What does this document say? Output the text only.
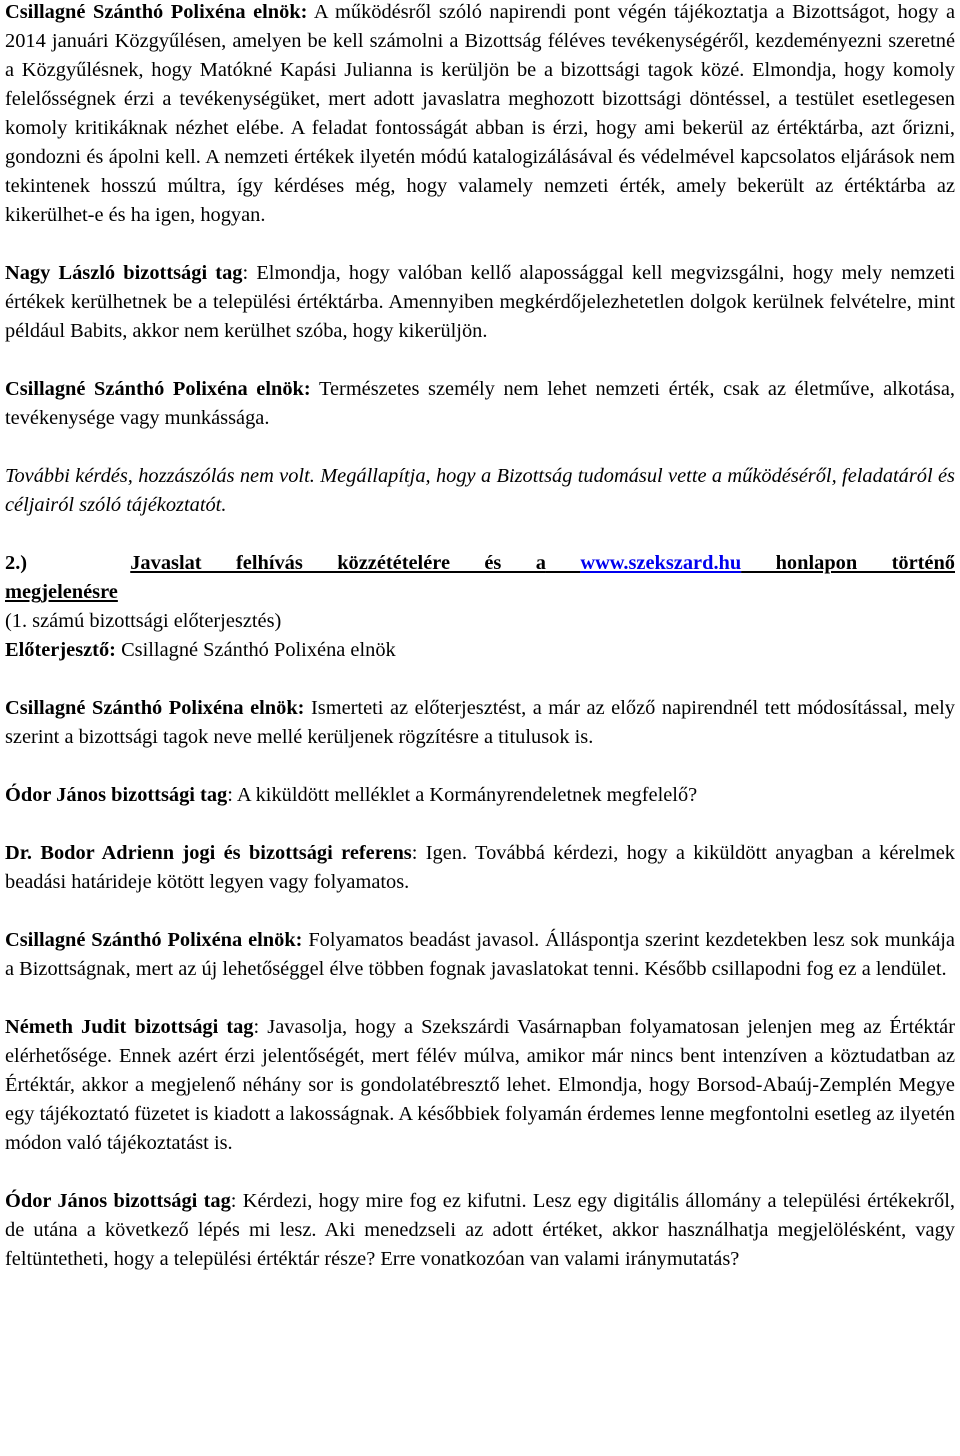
Csillagné Szánthó Polixéna elnök: A működésről szóló napirendi pont végén tájékoztatja a Bizottságot, hogy a 2014 januári Közgyűlésen, amelyen be kell számolni a Bizottság féléves tevékenységéről, kezdeményezni szeretné a Közgyűlésnek, hogy Matókné Kapási Julianna is kerüljön be a bizottsági tagok közé. Elmondja, hogy komoly felelősségnek érzi a tevékenységüket, mert adott javaslatra meghozott bizottsági döntéssel, a testület esetlegesen komoly kritikáknak nézhet elébe. A feladat fontosságát abban is érzi, hogy ami bekerül az értéktárba, azt őrizni, gondozni és ápolni kell. A nemzeti értékek ilyetén módú katalogizálásával és védelmével kapcsolatos eljárások nem tekintenek hosszú múltra, így kérdéses még, hogy valamely nemzeti érték, amely bekerült az értéktárba az kikerülhet-e és ha igen, hogyan.

Nagy László bizottsági tag: Elmondja, hogy valóban kellő alapossággal kell megvizsgálni, hogy mely nemzeti értékek kerülhetnek be a települési értéktárba. Amennyiben megkérdőjelezhetetlen dolgok kerülnek felvételre, mint például Babits, akkor nem kerülhet szóba, hogy kikerüljön.

Csillagné Szánthó Polixéna elnök: Természetes személy nem lehet nemzeti érték, csak az életműve, alkotása, tevékenysége vagy munkássága.

További kérdés, hozzászólás nem volt. Megállapítja, hogy a Bizottság tudomásul vette a működéséről, feladatáról és céljairól szóló tájékoztatót.

2.)	Javaslat felhívás közzétételére és a www.szekszard.hu honlapon történő
megjelenésre

(1. számú bizottsági előterjesztés)

Előterjesztő: Csillagné Szánthó Polixéna elnök

Csillagné Szánthó Polixéna elnök: Ismerteti az előterjesztést, a már az előző napirendnél tett módosítással, mely szerint a bizottsági tagok neve mellé kerüljenek rögzítésre a titulusok is.

Ódor János bizottsági tag: A kiküldött melléklet a Kormányrendeletnek megfelelő?

Dr. Bodor Adrienn jogi és bizottsági referens: Igen. Továbbá kérdezi, hogy a kiküldött anyagban a kérelmek beadási határideje kötött legyen vagy folyamatos.

Csillagné Szánthó Polixéna elnök: Folyamatos beadást javasol. Álláspontja szerint kezdetekben lesz sok munkája a Bizottságnak, mert az új lehetőséggel élve többen fognak javaslatokat tenni. Később csillapodni fog ez a lendület.

Németh Judit bizottsági tag: Javasolja, hogy a Szekszárdi Vasárnapban folyamatosan jelenjen meg az Értéktár elérhetősége. Ennek azért érzi jelentőségét, mert félév múlva, amikor már nincs bent intenzíven a köztudatban az Értéktár, akkor a megjelenő néhány sor is gondolatébresztő lehet. Elmondja, hogy Borsod-Abaúj-Zemplén Megye egy tájékoztató füzetet is kiadott a lakosságnak. A későbbiek folyamán érdemes lenne megfontolni esetleg az ilyetén módon való tájékoztatást is.

Ódor János bizottsági tag: Kérdezi, hogy mire fog ez kifutni. Lesz egy digitális állomány a települési értékekről, de utána a következő lépés mi lesz. Aki menedzseli az adott értéket, akkor használhatja megjelölésként, vagy feltüntetheti, hogy a települési értéktár része? Erre vonatkozóan van valami iránymutatás?
